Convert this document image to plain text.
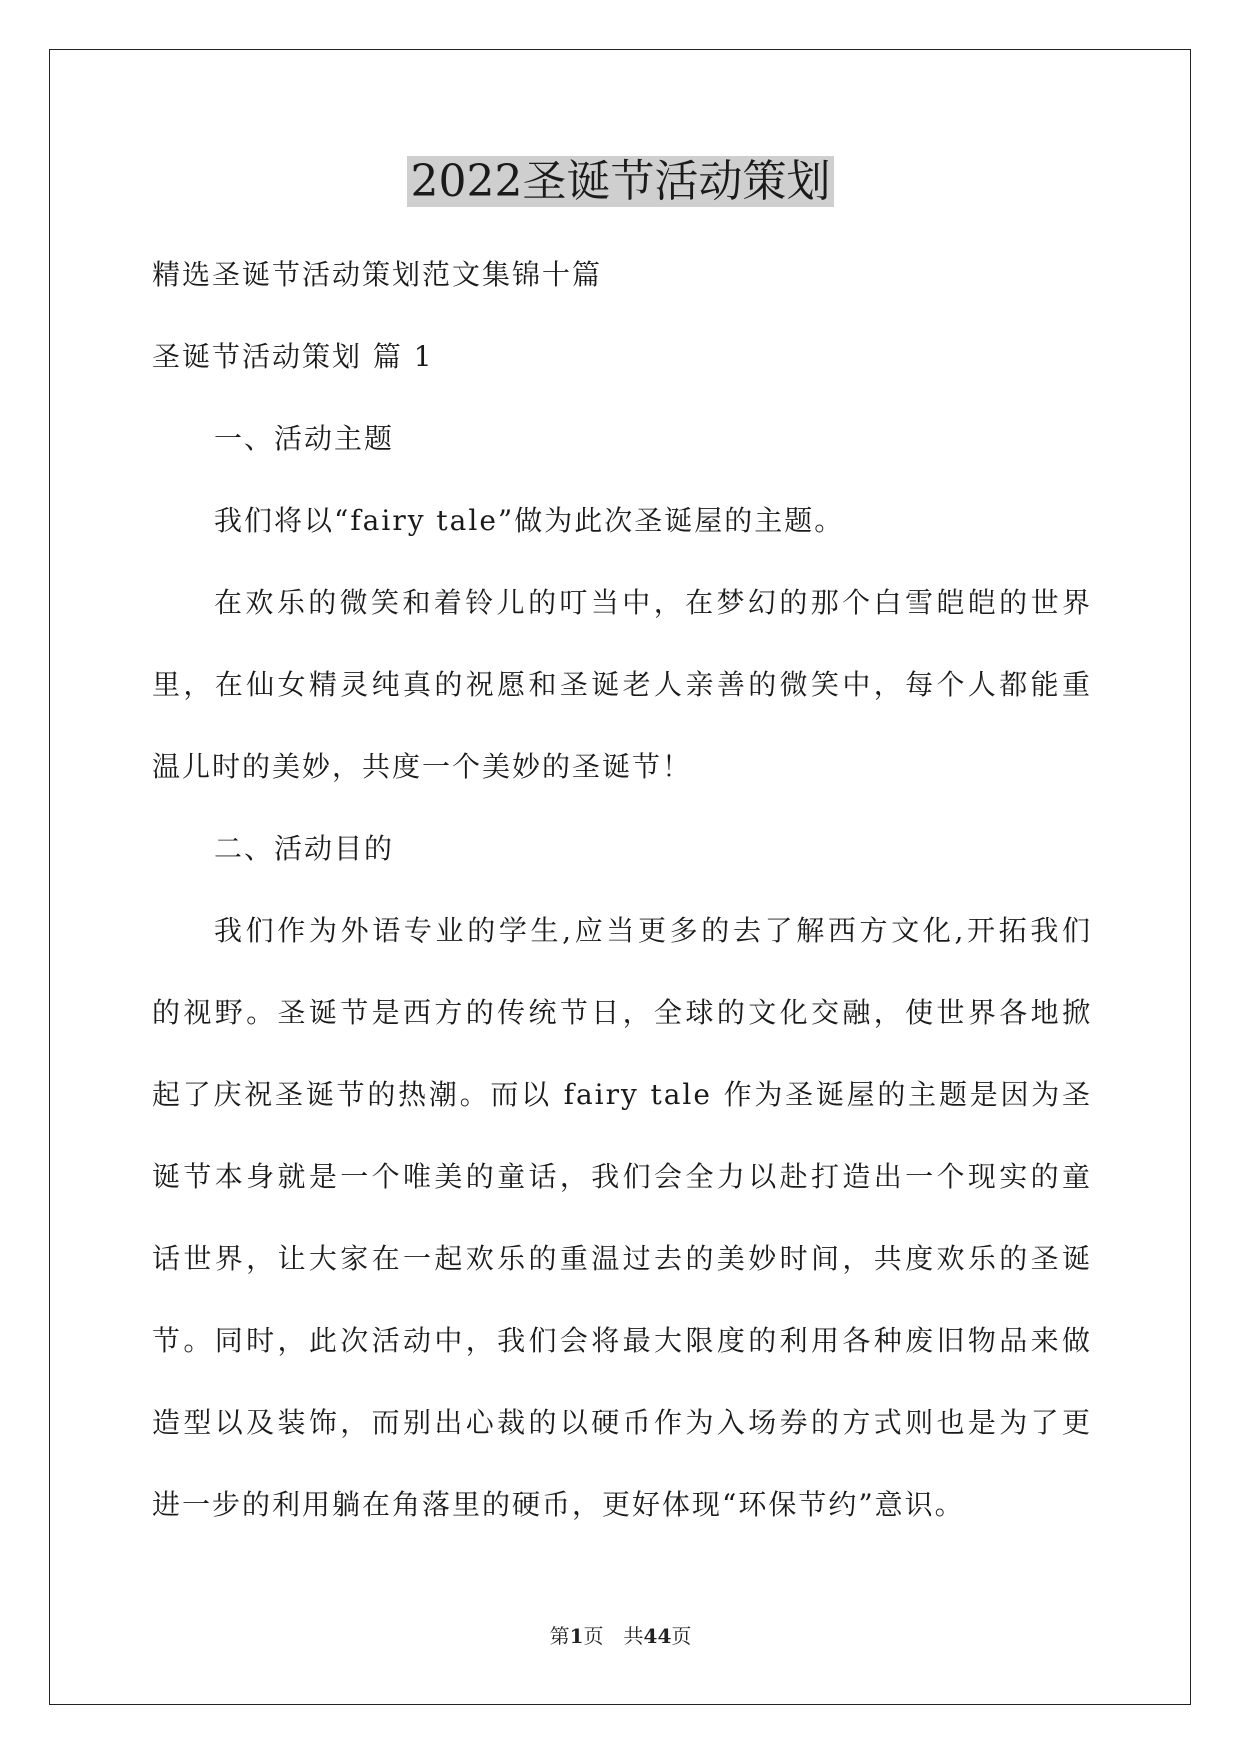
2022圣诞节活动策划
精选圣诞节活动策划范文集锦十篇
圣诞节活动策划 篇 1
一、活动主题
我们将以“fairy tale”做为此次圣诞屋的主题。
在欢乐的微笑和着铃儿的叮当中，在梦幻的那个白雪皑皑的世界
里，在仙女精灵纯真的祝愿和圣诞老人亲善的微笑中，每个人都能重
温儿时的美妙，共度一个美妙的圣诞节！
二、活动目的
我们作为外语专业的学生,应当更多的去了解西方文化,开拓我们
的视野。圣诞节是西方的传统节日，全球的文化交融，使世界各地掀
起了庆祝圣诞节的热潮。而以 fairy tale 作为圣诞屋的主题是因为圣
诞节本身就是一个唯美的童话，我们会全力以赴打造出一个现实的童
话世界，让大家在一起欢乐的重温过去的美妙时间，共度欢乐的圣诞
节。同时，此次活动中，我们会将最大限度的利用各种废旧物品来做
造型以及装饰，而别出心裁的以硬币作为入场券的方式则也是为了更
进一步的利用躺在角落里的硬币，更好体现“环保节约”意识。
第1页　共44页
